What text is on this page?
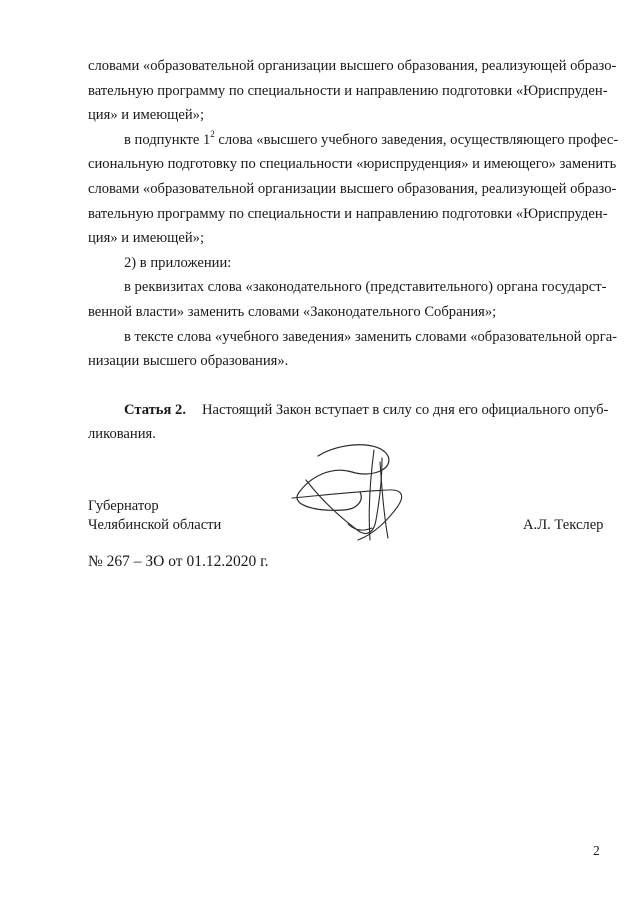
словами «образовательной организации высшего образования, реализующей образо-
вательную программу по специальности и направлению подготовки «Юриспруден-
ция» и имеющей»;
в подпункте $1^2$ слова «высшего учебного заведения, осуществляющего профес-
сиональную подготовку по специальности «юриспруденция» и имеющего» заменить
словами «образовательной организации высшего образования, реализующей образо-
вательную программу по специальности и направлению подготовки «Юриспруден-
ция» и имеющей»;
2) в приложении:
в реквизитах слова «законодательного (представительного) органа государст-
венной власти» заменить словами «Законодательного Собрания»;
в тексте слова «учебного заведения» заменить словами «образовательной орга-
низации высшего образования».
Статья 2. Настоящий Закон вступает в силу со дня его официального опуб-
ликования.
Губернатор
Челябинской области	А.Л. Текслер
№ 267 – ЗО от 01.12.2020 г.
2
